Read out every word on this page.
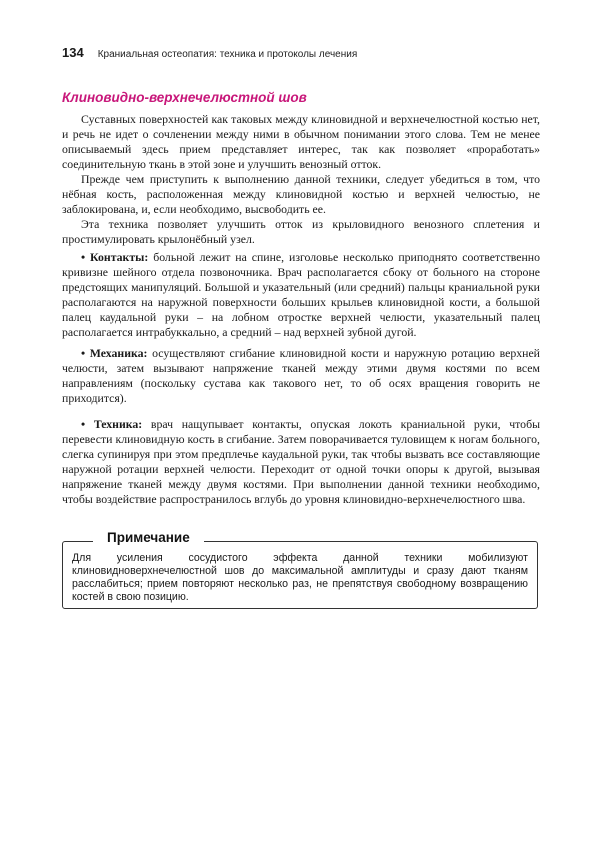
134 Краниальная остеопатия: техника и протоколы лечения
Клиновидно-верхнечелюстной шов

Суставных поверхностей как таковых между клиновидной и верхнечелюстной костью нет, и речь не идет о сочленении между ними в обычном понимании этого слова. Тем не менее описываемый здесь прием представляет интерес, так как позволяет «проработать» соединительную ткань в этой зоне и улучшить венозный отток.

Прежде чем приступить к выполнению данной техники, следует убедиться в том, что нёбная кость, расположенная между клиновидной костью и верхней челюстью, не заблокирована, и, если необходимо, высвободить ее.

Эта техника позволяет улучшить отток из крыловидного венозного сплетения и простимулировать крылонёбный узел.

• Контакты: больной лежит на спине, изголовье несколько приподнято соответственно кривизне шейного отдела позвоночника. Врач располагается сбоку от больного на стороне предстоящих манипуляций. Большой и указательный (или средний) пальцы краниальной руки располагаются на наружной поверхности больших крыльев клиновидной кости, а большой палец каудальной руки – на лобном отростке верхней челюсти, указательный палец располагается интрабуккально, а средний – над верхней зубной дугой.

• Механика: осуществляют сгибание клиновидной кости и наружную ротацию верхней челюсти, затем вызывают напряжение тканей между этими двумя костями по всем направлениям (поскольку сустава как такового нет, то об осях вращения говорить не приходится).

• Техника: врач нащупывает контакты, опуская локоть краниальной руки, чтобы перевести клиновидную кость в сгибание. Затем поворачивается туловищем к ногам больного, слегка супинируя при этом предплечье каудальной руки, так чтобы вызвать все составляющие наружной ротации верхней челюсти. Переходит от одной точки опоры к другой, вызывая напряжение тканей между двумя костями. При выполнении данной техники необходимо, чтобы воздействие распространилось вглубь до уровня клиновидно-верхнечелюстного шва.

Примечание

Для усиления сосудистого эффекта данной техники мобилизуют клиновидноверхнечелюстной шов до максимальной амплитуды и сразу дают тканям расслабиться; прием повторяют несколько раз, не препятствуя свободному возвращению костей в свою позицию.
